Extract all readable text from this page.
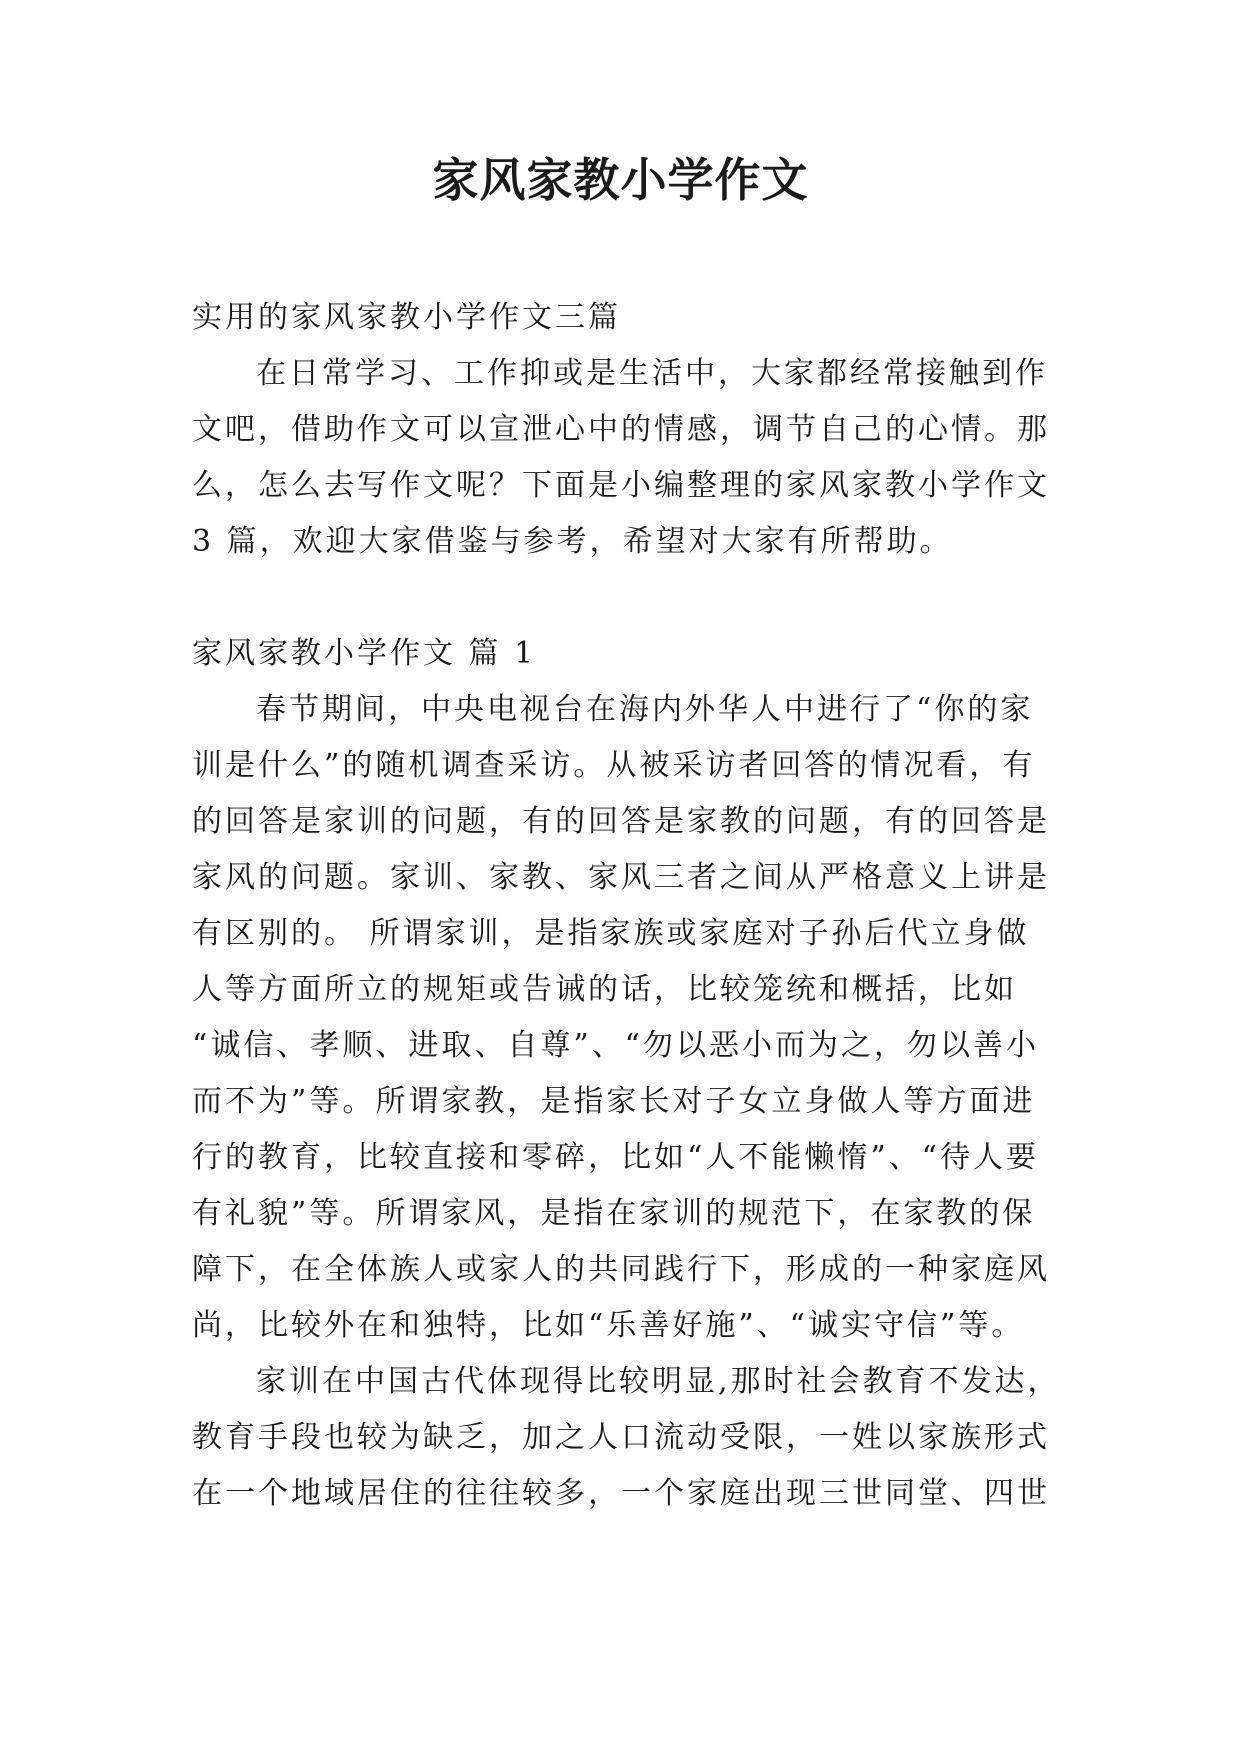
家风家教小学作文
实用的家风家教小学作文三篇
在日常学习、工作抑或是生活中，大家都经常接触到作
文吧，借助作文可以宣泄心中的情感，调节自己的心情。那
么，怎么去写作文呢？下面是小编整理的家风家教小学作文
3 篇，欢迎大家借鉴与参考，希望对大家有所帮助。
家风家教小学作文 篇 1
春节期间，中央电视台在海内外华人中进行了“你的家
训是什么”的随机调查采访。从被采访者回答的情况看，有
的回答是家训的问题，有的回答是家教的问题，有的回答是
家风的问题。家训、家教、家风三者之间从严格意义上讲是
有区别的。 所谓家训，是指家族或家庭对子孙后代立身做
人等方面所立的规矩或告诫的话，比较笼统和概括，比如
“诚信、孝顺、进取、自尊”、“勿以恶小而为之，勿以善小
而不为”等。所谓家教，是指家长对子女立身做人等方面进
行的教育，比较直接和零碎，比如“人不能懒惰”、“待人要
有礼貌”等。所谓家风，是指在家训的规范下，在家教的保
障下，在全体族人或家人的共同践行下，形成的一种家庭风
尚，比较外在和独特，比如“乐善好施”、“诚实守信”等。
家训在中国古代体现得比较明显,那时社会教育不发达，
教育手段也较为缺乏，加之人口流动受限，一姓以家族形式
在一个地域居住的往往较多，一个家庭出现三世同堂、四世
